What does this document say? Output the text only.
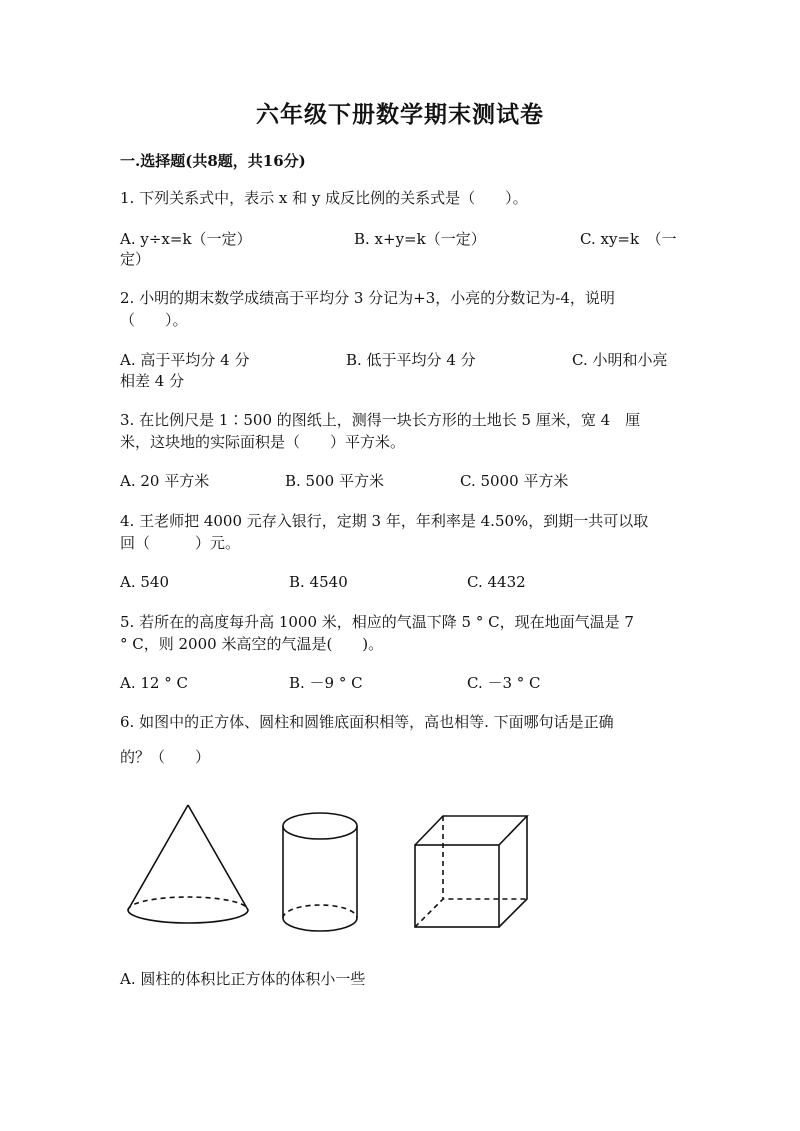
六年级下册数学期末测试卷
一.选择题(共8题，共16分)
1. 下列关系式中，表示 x 和 y 成反比例的关系式是（　　）。
A. y÷x=k（一定）	B. x+y=k（一定）	C. xy=k　（一
定）
2. 小明的期末数学成绩高于平均分 3 分记为+3，小亮的分数记为-4，说明
（　　）。
A. 高于平均分 4 分	B. 低于平均分 4 分	C. 小明和小亮
相差 4 分
3. 在比例尺是 1∶500 的图纸上，测得一块长方形的土地长 5 厘米，宽 4　厘
米，这块地的实际面积是（　　）平方米。
A. 20 平方米	B. 500 平方米	C. 5000 平方米
4. 王老师把 4000 元存入银行，定期 3 年，年利率是 4.50%，到期一共可以取
回（　　　）元。
A. 540	B. 4540	C. 4432
5. 若所在的高度每升高 1000 米，相应的气温下降 5 ° C，现在地面气温是 7
° C，则 2000 米高空的气温是(　　)。
A. 12 ° C	B. －9 ° C	C. －3 ° C
6. 如图中的正方体、圆柱和圆锥底面积相等，高也相等. 下面哪句话是正确
的？（　　）
A. 圆柱的体积比正方体的体积小一些
